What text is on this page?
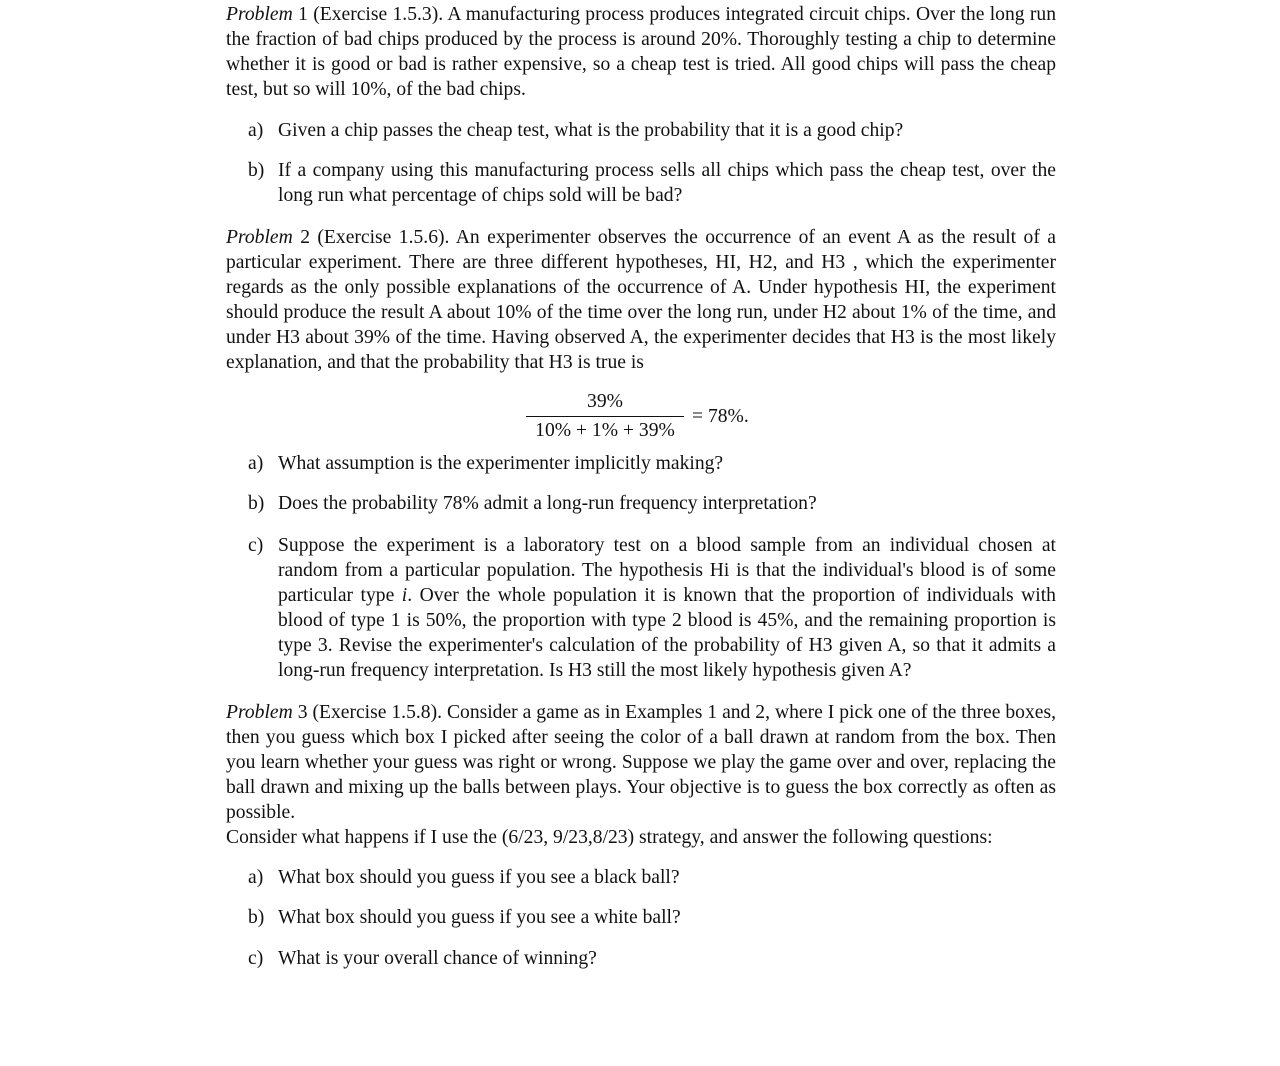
Problem 1 (Exercise 1.5.3). A manufacturing process produces integrated circuit chips. Over the long run the fraction of bad chips produced by the process is around 20%. Thoroughly testing a chip to determine whether it is good or bad is rather expensive, so a cheap test is tried. All good chips will pass the cheap test, but so will 10%, of the bad chips.

a) Given a chip passes the cheap test, what is the probability that it is a good chip?
b) If a company using this manufacturing process sells all chips which pass the cheap test, over the long run what percentage of chips sold will be bad?

Problem 2 (Exercise 1.5.6). An experimenter observes the occurrence of an event A as the result of a particular experiment. There are three different hypotheses, HI, H2, and H3 , which the experimenter regards as the only possible explanations of the occurrence of A. Under hypothesis HI, the experiment should produce the result A about 10% of the time over the long run, under H2 about 1% of the time, and under H3 about 39% of the time. Having observed A, the experimenter decides that H3 is the most likely explanation, and that the probability that H3 is true is

39%
10% + 1% + 39%
= 78%.
a) What assumption is the experimenter implicitly making?
b) Does the probability 78% admit a long-run frequency interpretation?
c) Suppose the experiment is a laboratory test on a blood sample from an individual chosen at random from a particular population. The hypothesis Hi is that the individual's blood is of some particular type i. Over the whole population it is known that the proportion of individuals with blood of type 1 is 50%, the proportion with type 2 blood is 45%, and the remaining proportion is type 3. Revise the experimenter's calculation of the probability of H3 given A, so that it admits a long-run frequency interpretation. Is H3 still the most likely hypothesis given A?

Problem 3 (Exercise 1.5.8). Consider a game as in Examples 1 and 2, where I pick one of the three boxes, then you guess which box I picked after seeing the color of a ball drawn at random from the box. Then you learn whether your guess was right or wrong. Suppose we play the game over and over, replacing the ball drawn and mixing up the balls between plays. Your objective is to guess the box correctly as often as possible.

Consider what happens if I use the (6/23, 9/23,8/23) strategy, and answer the following questions:

a) What box should you guess if you see a black ball?
b) What box should you guess if you see a white ball?
c) What is your overall chance of winning?
